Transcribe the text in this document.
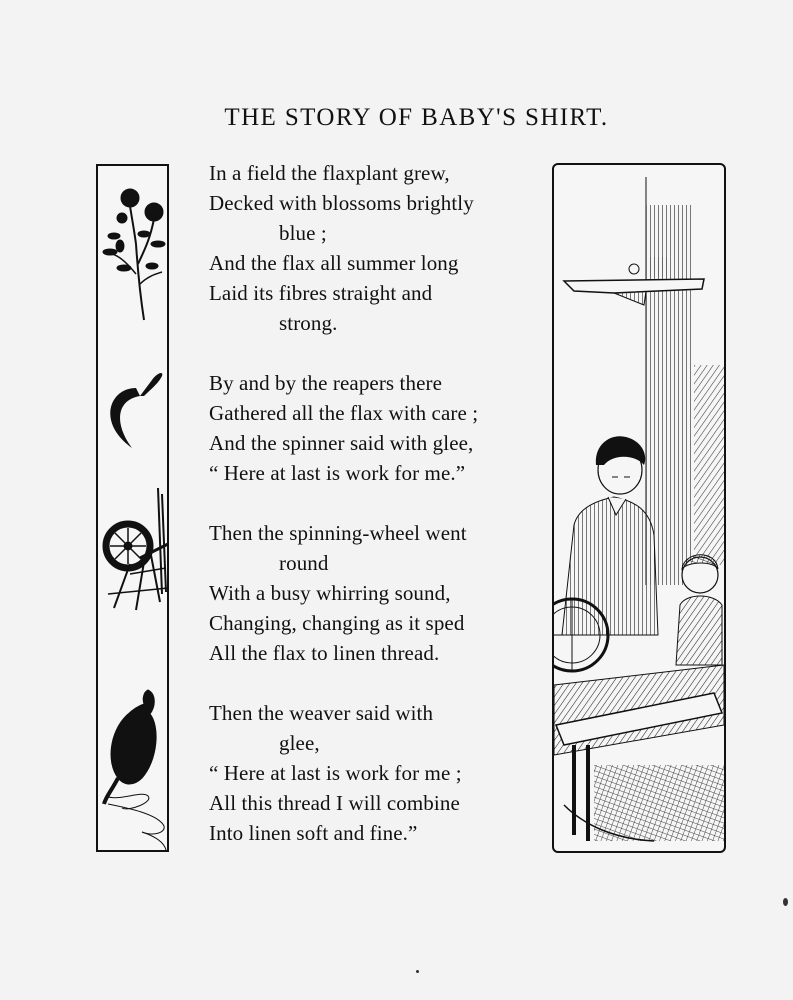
THE STORY OF BABY'S SHIRT.
In a field the flaxplant grew,
Decked with blossoms brightly
blue ;
And the flax all summer long
Laid its fibres straight and
strong.
By and by the reapers there
Gathered all the flax with care ;
And the spinner said with glee,
“ Here at last is work for me.”
Then the spinning-wheel went
round
With a busy whirring sound,
Changing, changing as it sped
All the flax to linen thread.
Then the weaver said with
glee,
“ Here at last is work for me ;
All this thread I will combine
Into linen soft and fine.”
